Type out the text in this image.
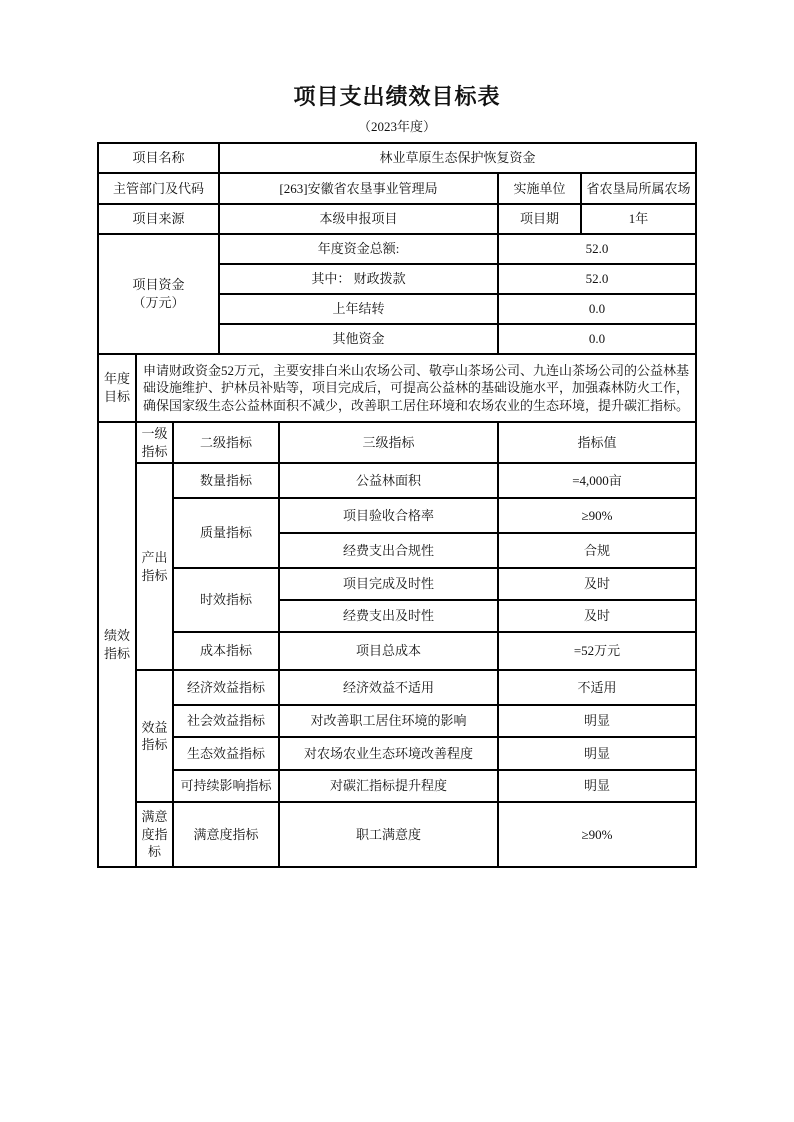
项目支出绩效目标表

（2023年度）

项目名称			林业草原生态保护恢复资金			
主管部门及代码			[263]安徽省农垦事业管理局		实施单位	省农垦局所属农场
项目来源			本级申报项目		项目期	1年

项目资金
（万元）			年度资金总额:		52.0	
			其中： 财政拨款		52.0	
			上年结转		0.0	
			其他资金		0.0	
年度目标	申请财政资金52万元，主要安排白米山农场公司、敬亭山茶场公司、九连山茶场公司的公益林基础设施维护、护林员补贴等，项目完成后，可提高公益林的基础设施水平，加强森林防火工作，确保国家级生态公益林面积不减少，改善职工居住环境和农场农业的生态环境，提升碳汇指标。					
绩效指标	一级指标	二级指标		三级指标	指标值	
	产出指标	数量指标		公益林面积	=4,000亩	
		质量指标		项目验收合格率	≥90%	
				经费支出合规性	合规	
		时效指标		项目完成及时性	及时	
				经费支出及时性	及时	
		成本指标		项目总成本	=52万元	
	效益指标	经济效益指标		经济效益不适用	不适用	
		社会效益指标		对改善职工居住环境的影响	明显	
		生态效益指标		对农场农业生态环境改善程度	明显	
		可持续影响指标		对碳汇指标提升程度	明显	
	满意度指标	满意度指标		职工满意度	≥90%	
